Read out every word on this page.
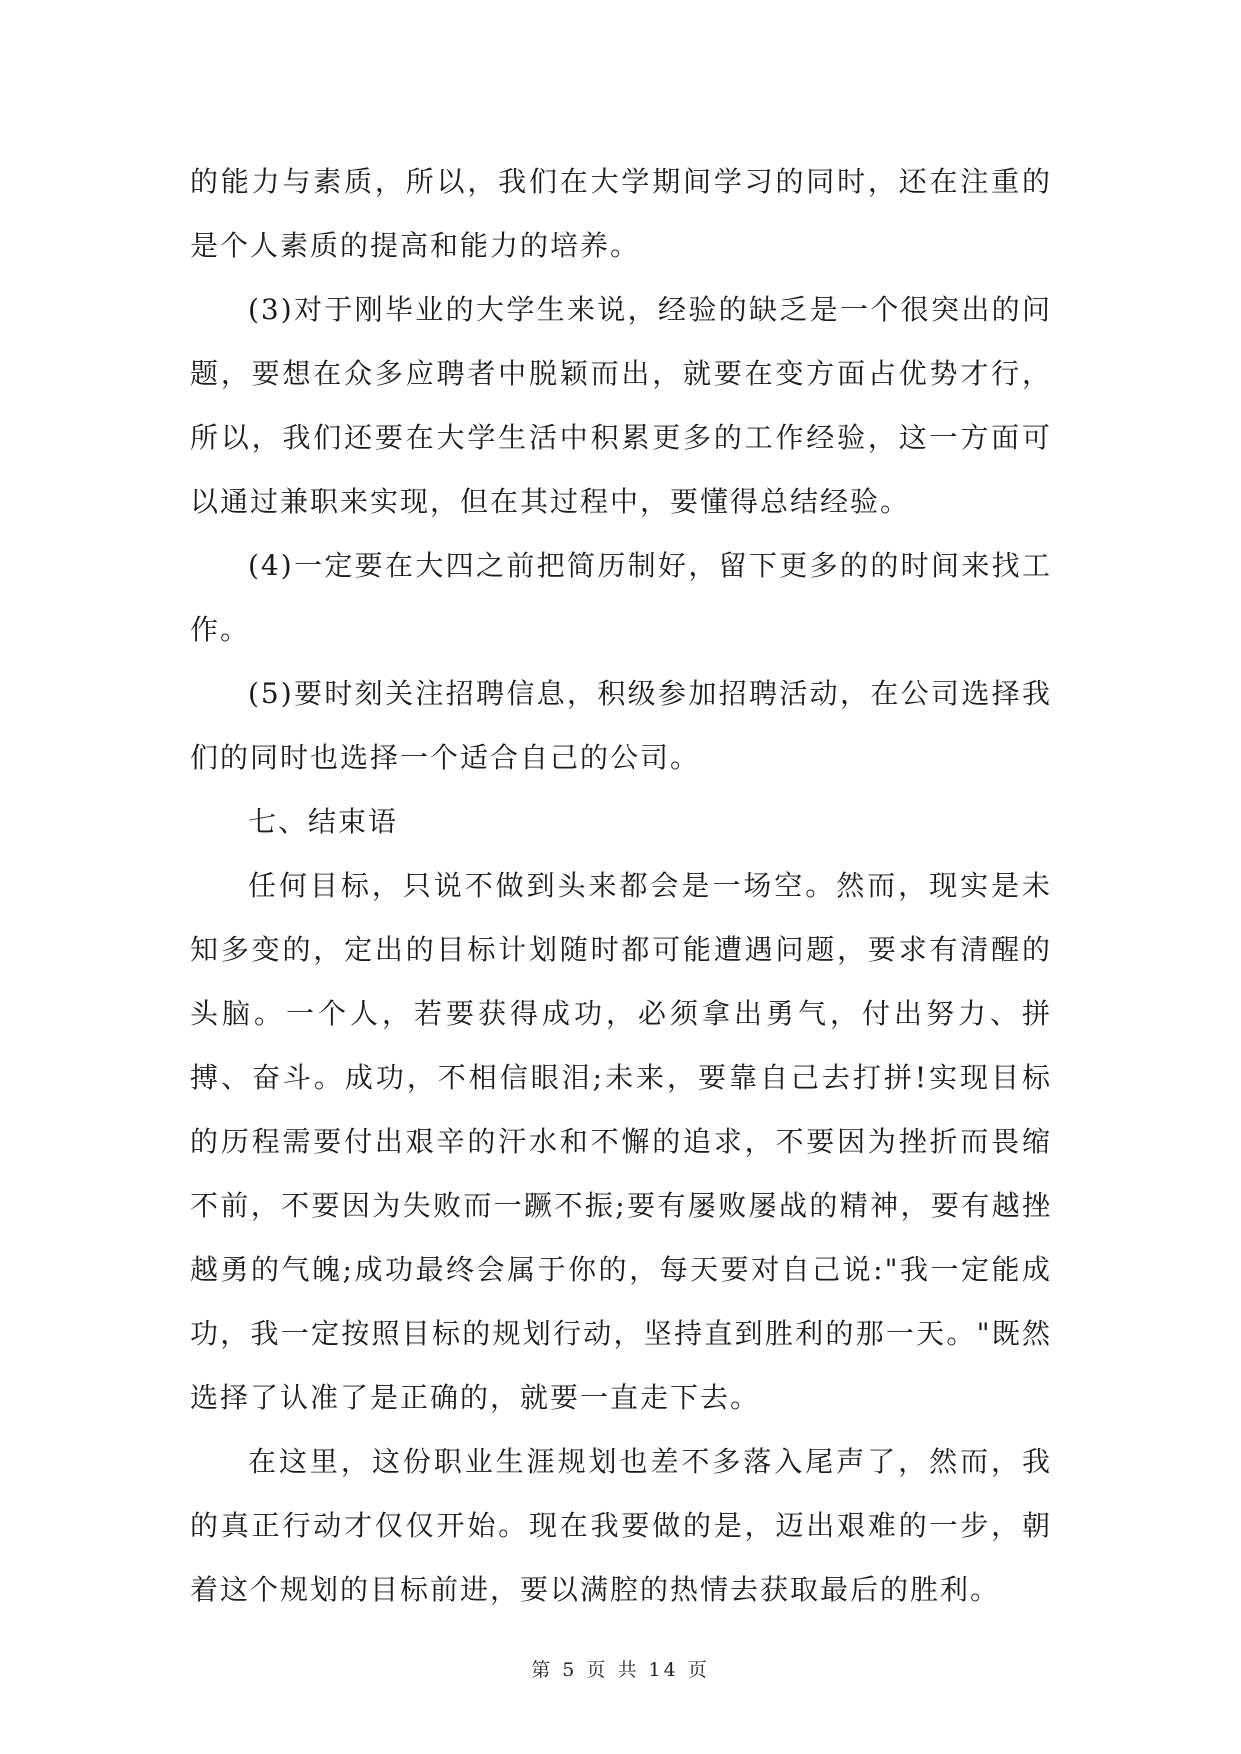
的能力与素质，所以，我们在大学期间学习的同时，还在注重的是个人素质的提高和能力的培养。

(3)对于刚毕业的大学生来说，经验的缺乏是一个很突出的问题，要想在众多应聘者中脱颖而出，就要在变方面占优势才行，所以，我们还要在大学生活中积累更多的工作经验，这一方面可以通过兼职来实现，但在其过程中，要懂得总结经验。

(4)一定要在大四之前把简历制好，留下更多的的时间来找工作。

(5)要时刻关注招聘信息，积级参加招聘活动，在公司选择我们的同时也选择一个适合自己的公司。

七、结束语

任何目标，只说不做到头来都会是一场空。然而，现实是未知多变的，定出的目标计划随时都可能遭遇问题，要求有清醒的头脑。一个人，若要获得成功，必须拿出勇气，付出努力、拼搏、奋斗。成功，不相信眼泪;未来，要靠自己去打拼!实现目标的历程需要付出艰辛的汗水和不懈的追求，不要因为挫折而畏缩不前，不要因为失败而一蹶不振;要有屡败屡战的精神，要有越挫越勇的气魄;成功最终会属于你的，每天要对自己说:"我一定能成功，我一定按照目标的规划行动，坚持直到胜利的那一天。"既然选择了认准了是正确的，就要一直走下去。

在这里，这份职业生涯规划也差不多落入尾声了，然而，我的真正行动才仅仅开始。现在我要做的是，迈出艰难的一步，朝着这个规划的目标前进，要以满腔的热情去获取最后的胜利。

第 5 页 共 14 页
